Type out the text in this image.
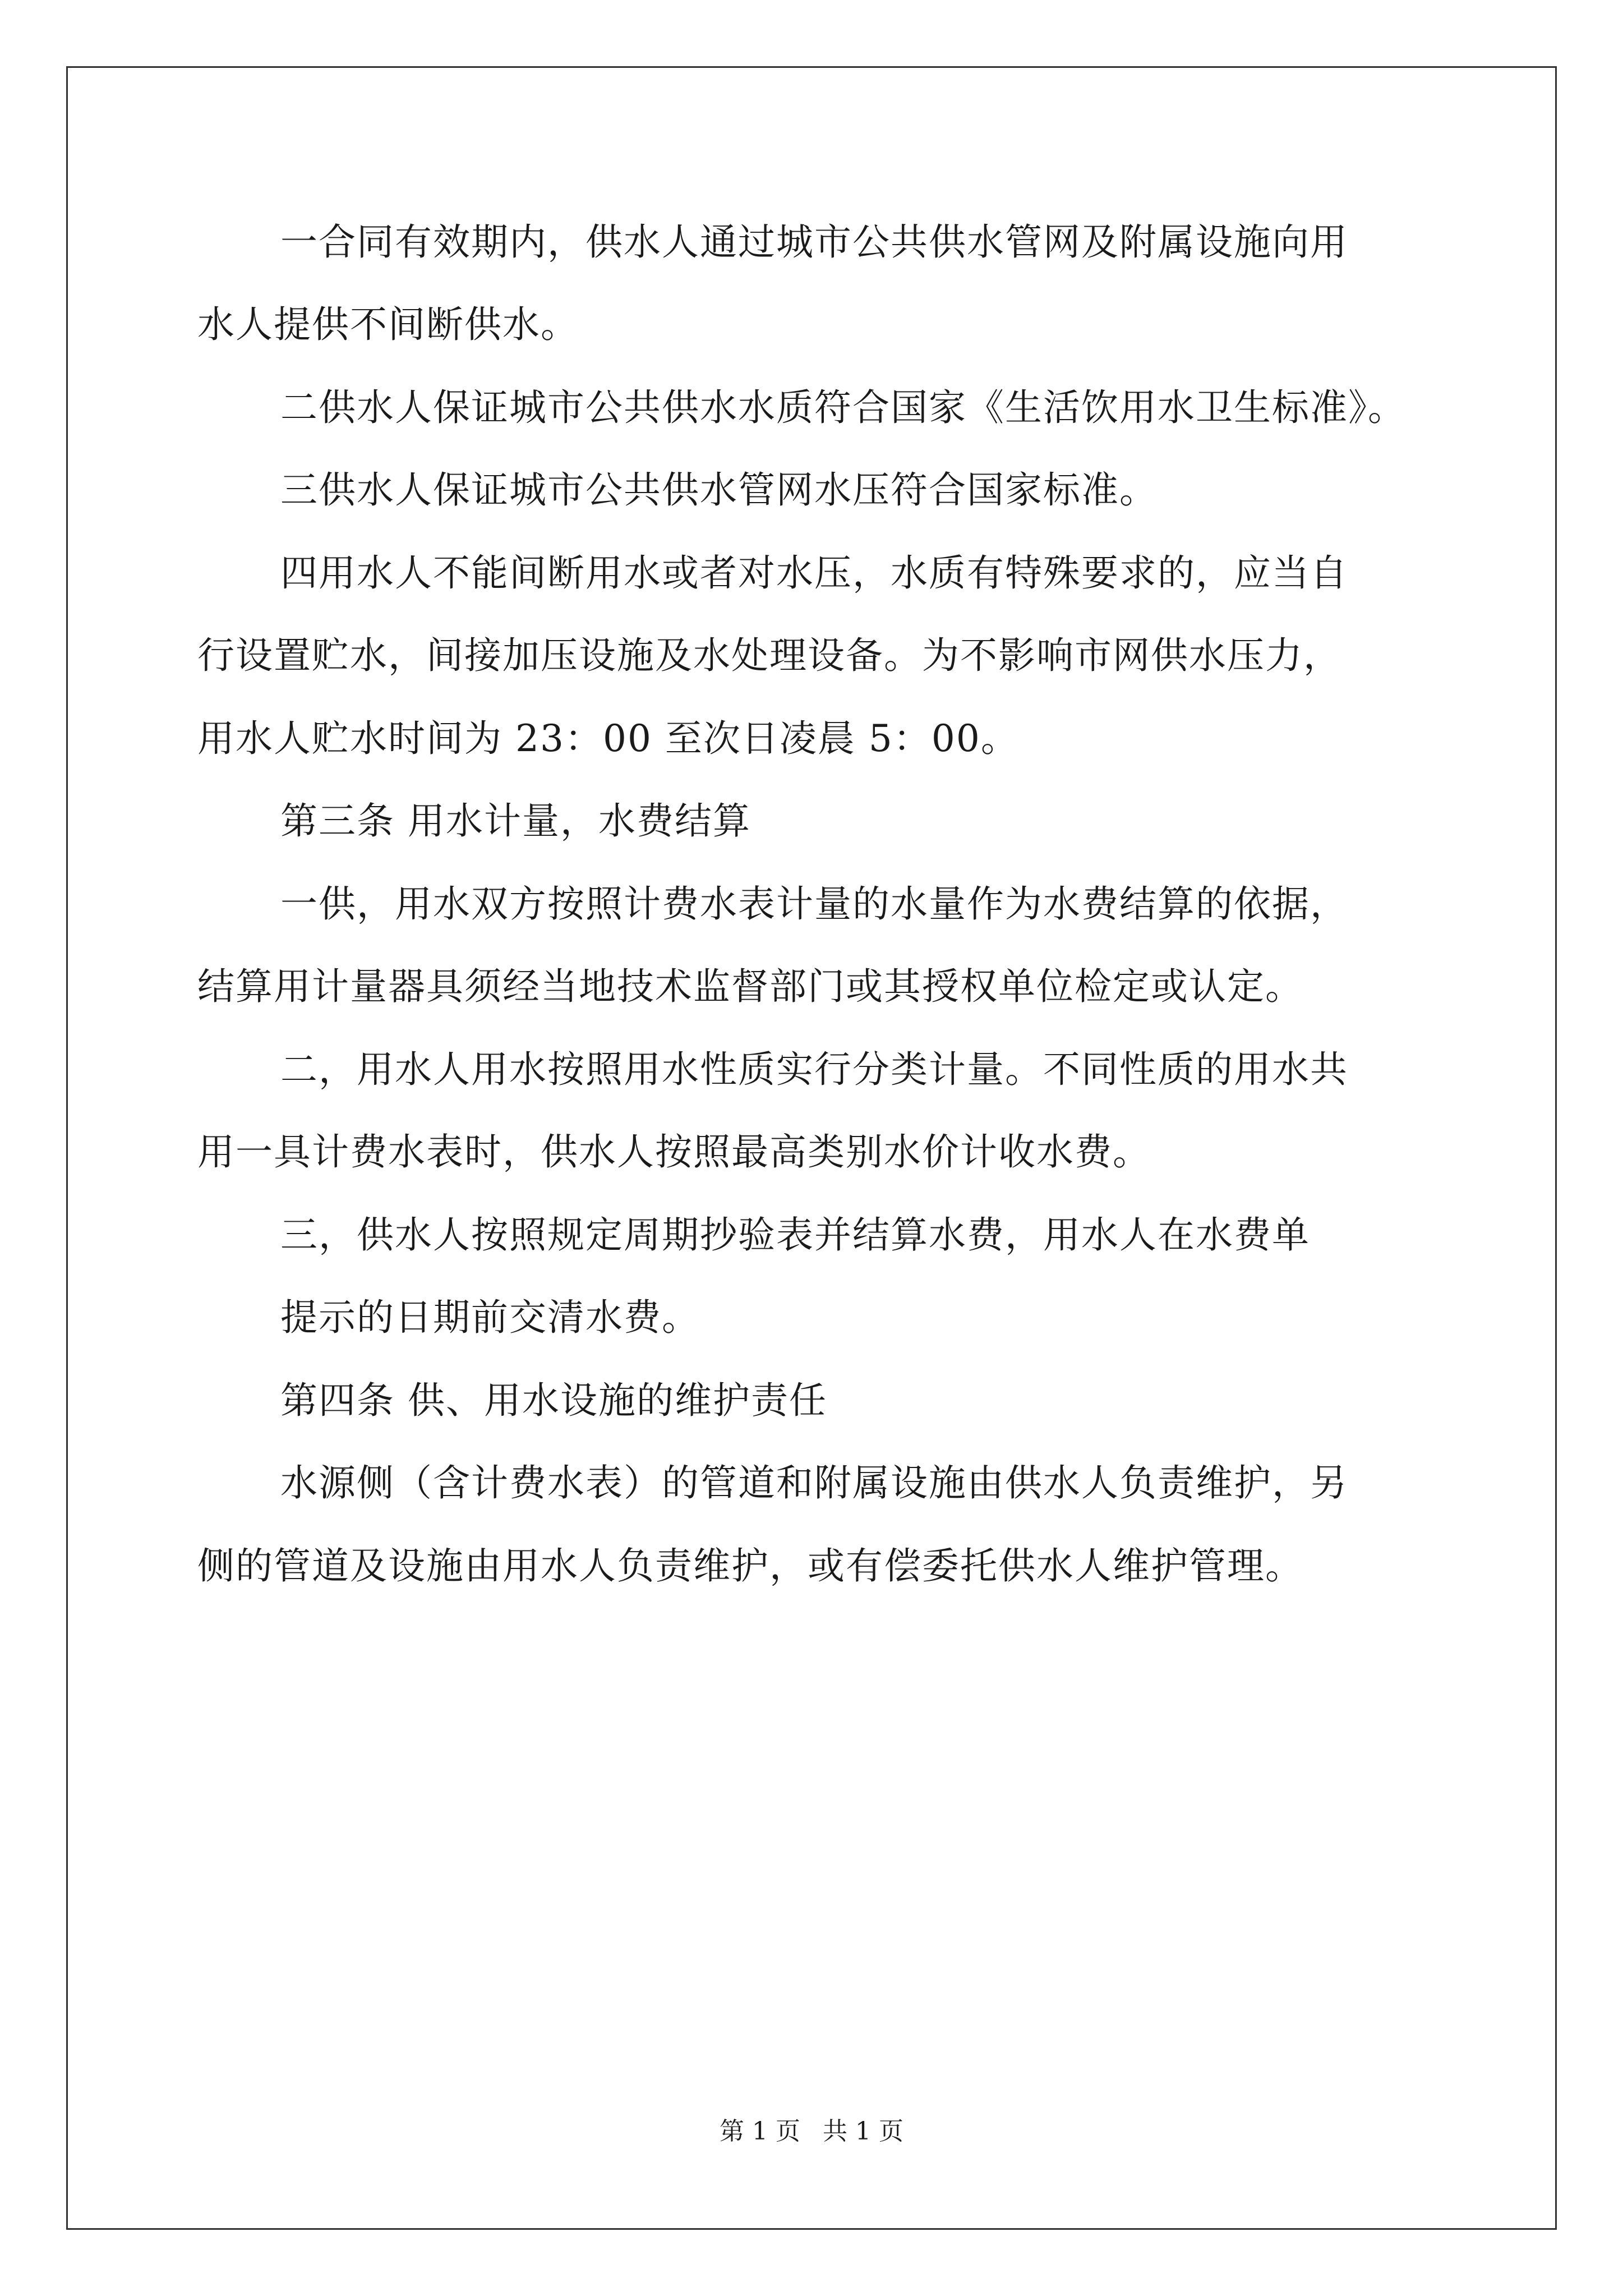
一合同有效期内，供水人通过城市公共供水管网及附属设施向用
水人提供不间断供水。
二供水人保证城市公共供水水质符合国家《生活饮用水卫生标准》。
三供水人保证城市公共供水管网水压符合国家标准。
四用水人不能间断用水或者对水压，水质有特殊要求的，应当自
行设置贮水，间接加压设施及水处理设备。为不影响市网供水压力，
用水人贮水时间为 23：00 至次日凌晨 5：00。
第三条 用水计量，水费结算
一供，用水双方按照计费水表计量的水量作为水费结算的依据，
结算用计量器具须经当地技术监督部门或其授权单位检定或认定。
二，用水人用水按照用水性质实行分类计量。不同性质的用水共
用一具计费水表时，供水人按照最高类别水价计收水费。
三，供水人按照规定周期抄验表并结算水费，用水人在水费单
提示的日期前交清水费。
第四条 供、用水设施的维护责任
水源侧（含计费水表）的管道和附属设施由供水人负责维护，另
侧的管道及设施由用水人负责维护，或有偿委托供水人维护管理。
第 1 页 共 1 页
